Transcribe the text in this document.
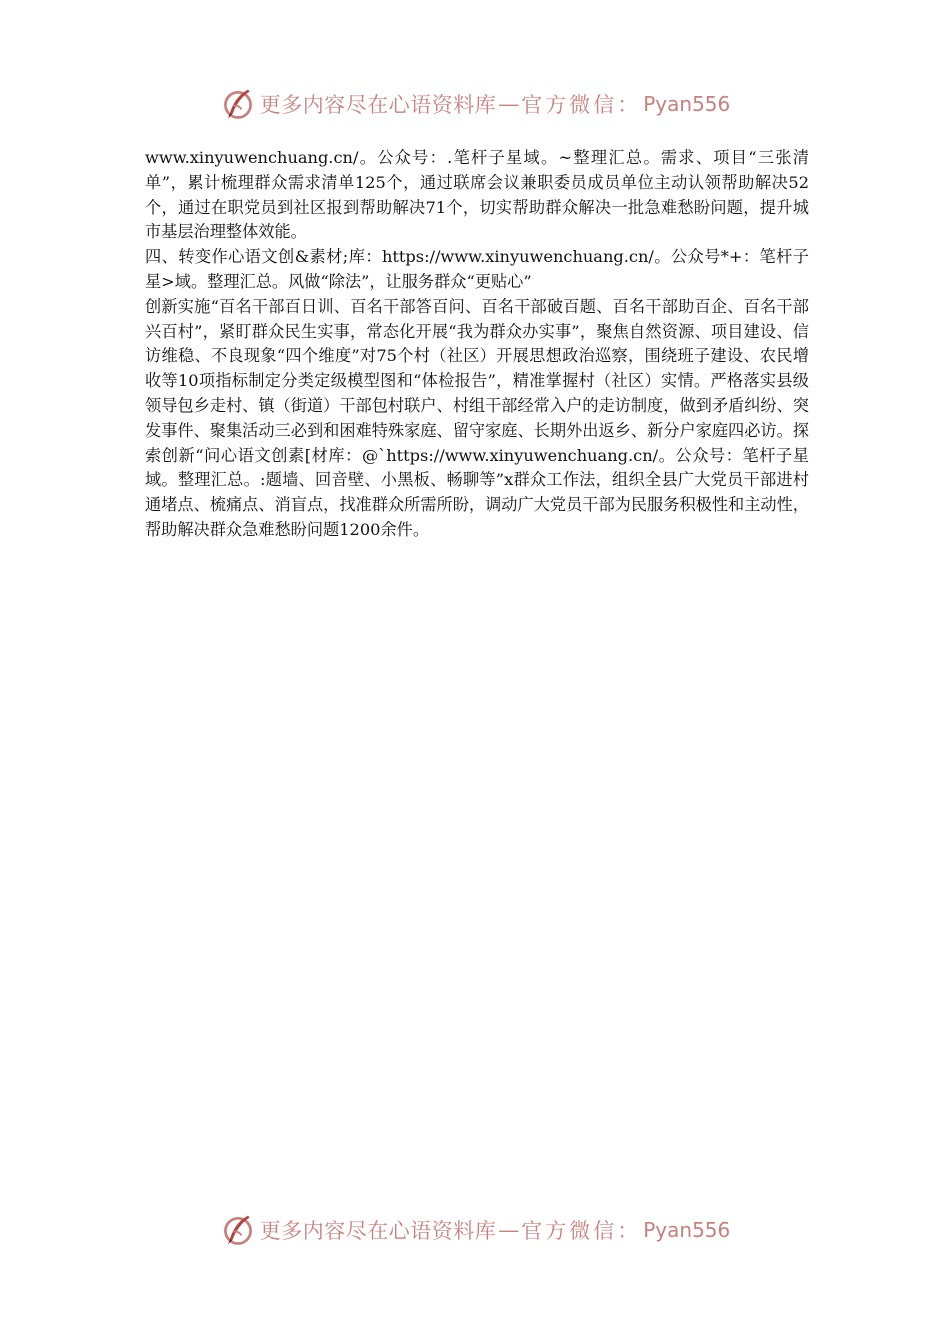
更多内容尽在心语资料库 — 官方微信： Pyan556

www.xinyuwenchuang.cn/。公众号：.笔杆子星域。~整理汇总。需求、项目“三张清单”，累计梳理群众需求清单125个，通过联席会议兼职委员成员单位主动认领帮助解决52个，通过在职党员到社区报到帮助解决71个，切实帮助群众解决一批急难愁盼问题，提升城市基层治理整体效能。

四、转变作心语文创&素材;库：https://www.xinyuwenchuang.cn/。公众号*+：笔杆子星>域。整理汇总。风做“除法”，让服务群众“更贴心”

创新实施“百名干部百日训、百名干部答百问、百名干部破百题、百名干部助百企、百名干部兴百村”，紧盯群众民生实事，常态化开展“我为群众办实事”，聚焦自然资源、项目建设、信访维稳、不良现象“四个维度”对75个村（社区）开展思想政治巡察，围绕班子建设、农民增收等10项指标制定分类定级模型图和“体检报告”，精准掌握村（社区）实情。严格落实县级领导包乡走村、镇（街道）干部包村联户、村组干部经常入户的走访制度，做到矛盾纠纷、突发事件、聚集活动三必到和困难特殊家庭、留守家庭、长期外出返乡、新分户家庭四必访。探索创新“问心语文创素[材库：@`https://www.xinyuwenchuang.cn/。公众号：笔杆子星域。整理汇总。:题墙、回音壁、小黑板、畅聊等”x群众工作法，组织全县广大党员干部进村通堵点、梳痛点、消盲点，找准群众所需所盼，调动广大党员干部为民服务积极性和主动性，帮助解决群众急难愁盼问题1200余件。

更多内容尽在心语资料库 — 官方微信： Pyan556
